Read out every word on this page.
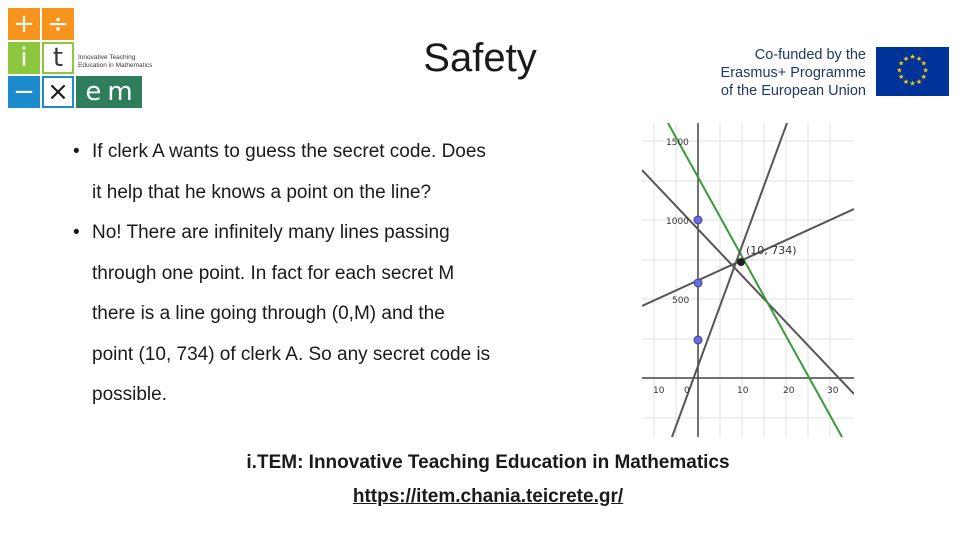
+ ÷
i t
− × e m
Innovative Teaching
Education in Mathematics	Safety	Co-funded by the
Erasmus+ Programme
of the European Union
★ ★
★
★
★
★
★
★
★
★
★
★
• If clerk A wants to guess the secret code. Does
it help that he knows a point on the line?
• No! There are infinitely many lines passing
through one point. In fact for each secret M
there is a line going through (0,M) and the
point (10, 734) of clerk A. So any secret code is
possible.
1500
1000
500
10 0	10	20	30
(10, 734)
i.TEM: Innovative Teaching Education in Mathematics
https://item.chania.teicrete.gr/
